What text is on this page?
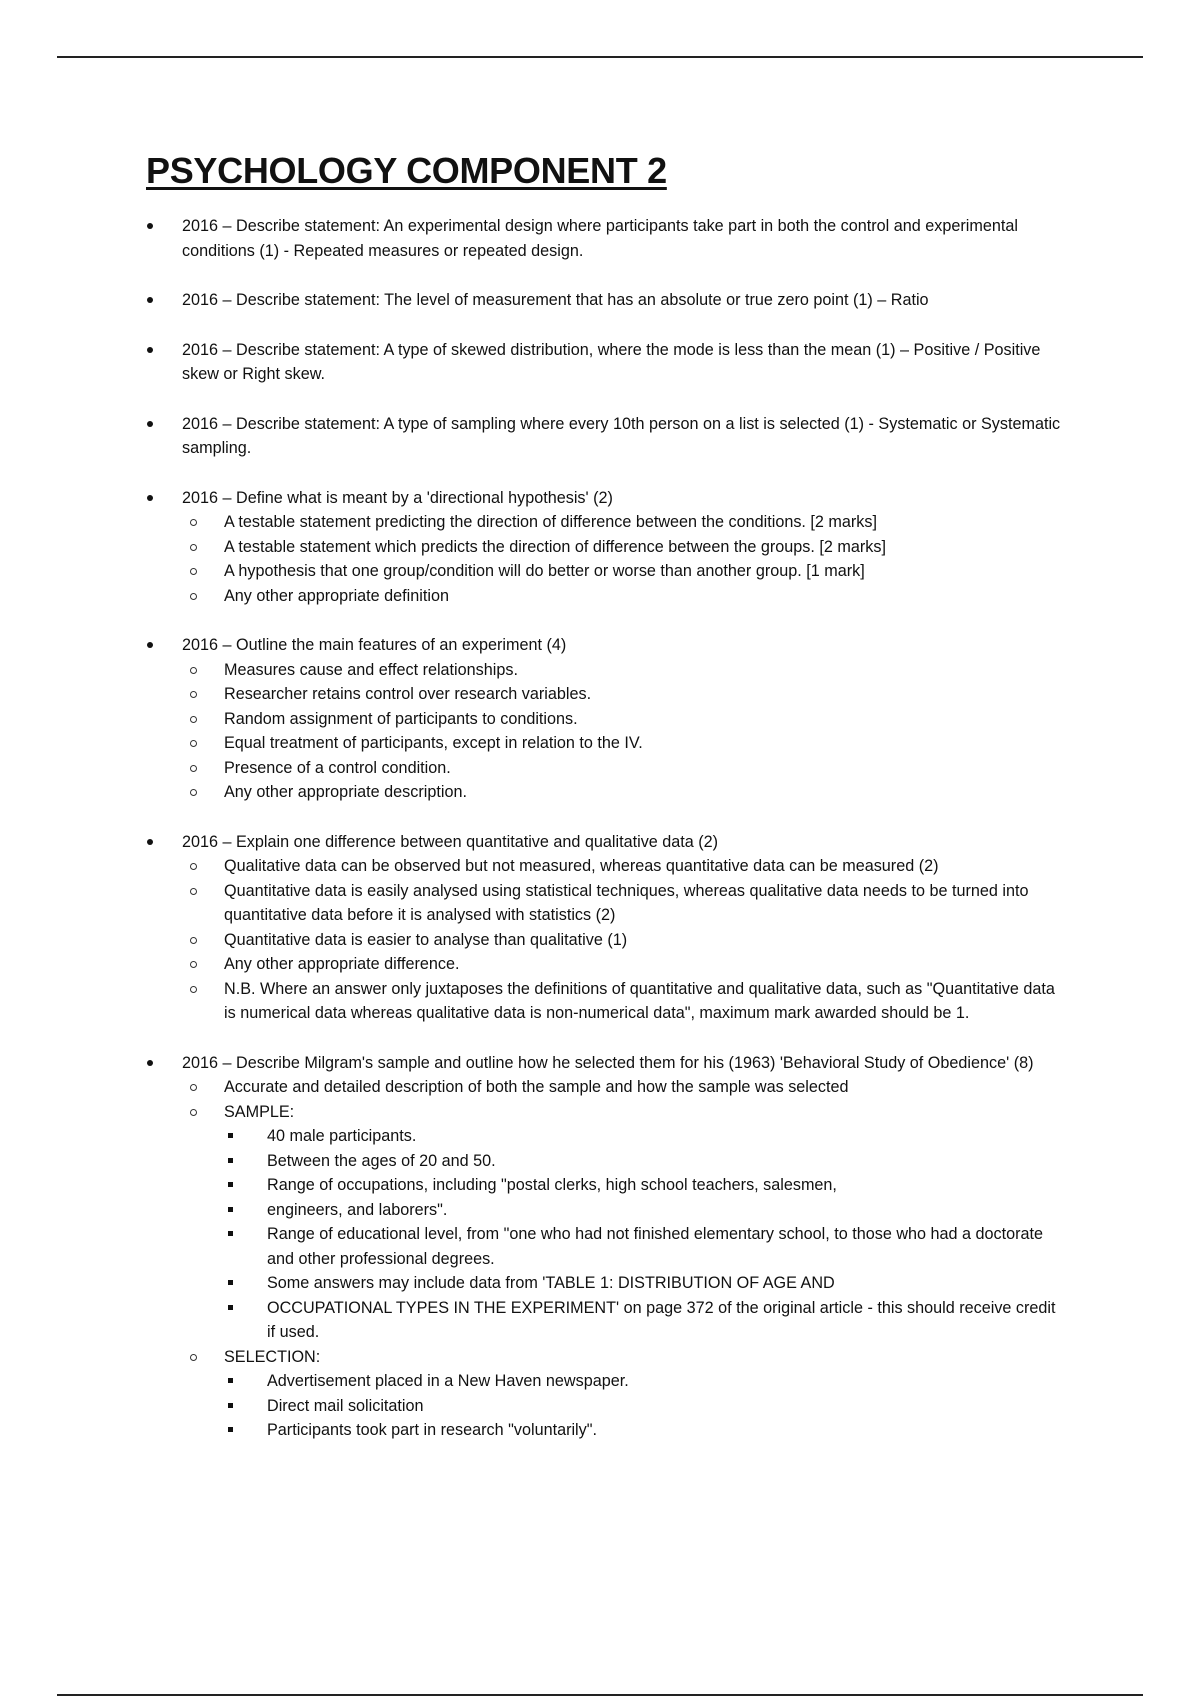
PSYCHOLOGY COMPONENT 2
2016 – Describe statement: An experimental design where participants take part in both the control and experimental conditions (1) - Repeated measures or repeated design.
2016 – Describe statement: The level of measurement that has an absolute or true zero point (1) – Ratio
2016 – Describe statement: A type of skewed distribution, where the mode is less than the mean (1) – Positive / Positive skew or Right skew.
2016 – Describe statement: A type of sampling where every 10th person on a list is selected (1) - Systematic or Systematic sampling.
2016 – Define what is meant by a 'directional hypothesis' (2)
A testable statement predicting the direction of difference between the conditions. [2 marks]
A testable statement which predicts the direction of difference between the groups. [2 marks]
A hypothesis that one group/condition will do better or worse than another group. [1 mark]
Any other appropriate definition
2016 – Outline the main features of an experiment (4)
Measures cause and effect relationships.
Researcher retains control over research variables.
Random assignment of participants to conditions.
Equal treatment of participants, except in relation to the IV.
Presence of a control condition.
Any other appropriate description.
2016 – Explain one difference between quantitative and qualitative data (2)
Qualitative data can be observed but not measured, whereas quantitative data can be measured (2)
Quantitative data is easily analysed using statistical techniques, whereas qualitative data needs to be turned into quantitative data before it is analysed with statistics (2)
Quantitative data is easier to analyse than qualitative (1)
Any other appropriate difference.
N.B. Where an answer only juxtaposes the definitions of quantitative and qualitative data, such as "Quantitative data is numerical data whereas qualitative data is non-numerical data", maximum mark awarded should be 1.
2016 – Describe Milgram's sample and outline how he selected them for his (1963) 'Behavioral Study of Obedience' (8)
Accurate and detailed description of both the sample and how the sample was selected
SAMPLE:
40 male participants.
Between the ages of 20 and 50.
Range of occupations, including "postal clerks, high school teachers, salesmen,
engineers, and laborers".
Range of educational level, from "one who had not finished elementary school, to those who had a doctorate and other professional degrees.
Some answers may include data from 'TABLE 1: DISTRIBUTION OF AGE AND
OCCUPATIONAL TYPES IN THE EXPERIMENT' on page 372 of the original article - this should receive credit if used.
SELECTION:
Advertisement placed in a New Haven newspaper.
Direct mail solicitation
Participants took part in research "voluntarily".
